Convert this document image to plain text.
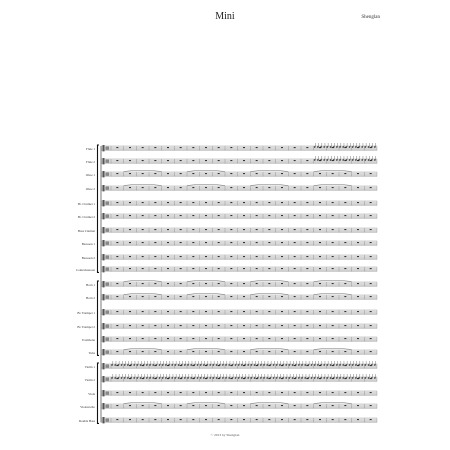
Mini	Shenglan
Flute 1
Flute 2
Oboe 1
Oboe 2
B♭ Clarinet 1
B♭ Clarinet 2
Bass Clarinet
Bassoon 1
Bassoon 2
Contrabassoon
Horn 1
Horn 2
B♭ Trumpet 1
B♭ Trumpet 2
Trombone
Tuba
Violin 1
Violin 2
Viola
Violoncello
Double Bass
© 2013 by Shenglan
